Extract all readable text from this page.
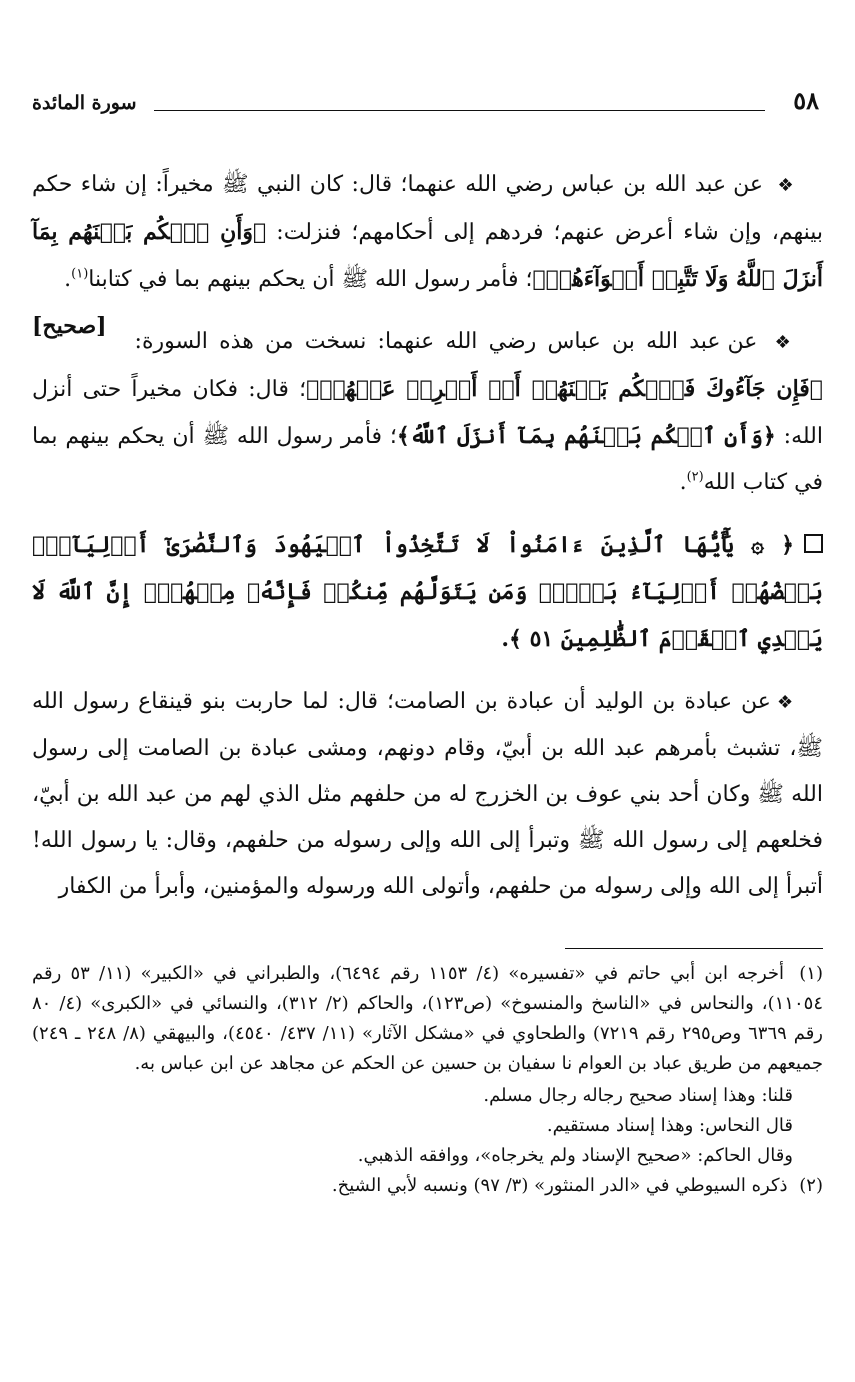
٥٨
سورة المائدة

❖ عن عبد الله بن عباس رضي الله عنهما؛ قال: كان النبي ﷺ مخيراً: إن شاء حكم بينهم، وإن شاء أعرض عنهم؛ فردهم إلى أحكامهم؛ فنزلت: ﴿وَأَنِ ٱحۡكُم بَيۡنَهُم بِمَآ أَنزَلَ ٱللَّهُ وَلَا تَتَّبِعۡ أَهۡوَآءَهُمۡ﴾؛ فأمر رسول الله ﷺ أن يحكم بينهم بما في كتابنا$^{(١)}$.
[صحيح]

❖ عن عبد الله بن عباس رضي الله عنهما: نسخت من هذه السورة: ﴿فَإِن جَآءُوكَ فَٱحۡكُم بَيۡنَهُمۡ أَوۡ أَعۡرِضۡ عَنۡهُمۡ﴾؛ قال: فكان مخيراً حتى أنزل الله: ﴿وَأَنِ ٱحۡكُم بَيۡنَهُم بِمَآ أَنزَلَ ٱللَّهُ﴾؛ فأمر رسول الله ﷺ أن يحكم بينهم بما في كتاب الله$^{(٢)}$.

﴿ ۞ يَٰٓأَيُّهَا ٱلَّذِينَ ءَامَنُواْ لَا تَتَّخِذُواْ ٱلۡيَهُودَ وَٱلنَّصَٰرَىٰٓ أَوۡلِيَآءَۘ بَعۡضُهُمۡ أَوۡلِيَآءُ بَعۡضٖۚ وَمَن يَتَوَلَّهُم مِّنكُمۡ فَإِنَّهُۥ مِنۡهُمۡۗ إِنَّ ٱللَّهَ لَا يَهۡدِي ٱلۡقَوۡمَ ٱلظَّٰلِمِينَ ٥١ ﴾.

❖عن عبادة بن الوليد أن عبادة بن الصامت؛ قال: لما حاربت بنو قينقاع رسول الله ﷺ، تشبث بأمرهم عبد الله بن أبيّ، وقام دونهم، ومشى عبادة بن الصامت إلى رسول الله ﷺ وكان أحد بني عوف بن الخزرج له من حلفهم مثل الذي لهم من عبد الله بن أبيّ، فخلعهم إلى رسول الله ﷺ وتبرأ إلى الله وإلى رسوله من حلفهم، وقال: يا رسول الله! أتبرأ إلى الله وإلى رسوله من حلفهم، وأتولى الله ورسوله والمؤمنين، وأبرأ من الكفار

(١) أخرجه ابن أبي حاتم في «تفسيره» (٤/ ١١٥٣ رقم ٦٤٩٤)، والطبراني في «الكبير» (١١/ ٥٣ رقم ١١٠٥٤)، والنحاس في «الناسخ والمنسوخ» (ص١٢٣)، والحاكم (٢/ ٣١٢)، والنسائي في «الكبرى» (٤/ ٨٠ رقم ٦٣٦٩ وص٢٩٥ رقم ٧٢١٩) والطحاوي في «مشكل الآثار» (١١/ ٤٣٧/ ٤٥٤٠)، والبيهقي (٨/ ٢٤٨ ـ ٢٤٩) جميعهم من طريق عباد بن العوام نا سفيان بن حسين عن الحكم عن مجاهد عن ابن عباس به.

قلنا: وهذا إسناد صحيح رجاله رجال مسلم.

قال النحاس: وهذا إسناد مستقيم.

وقال الحاكم: «صحيح الإسناد ولم يخرجاه»، ووافقه الذهبي.

(٢) ذكره السيوطي في «الدر المنثور» (٣/ ٩٧) ونسبه لأبي الشيخ.
